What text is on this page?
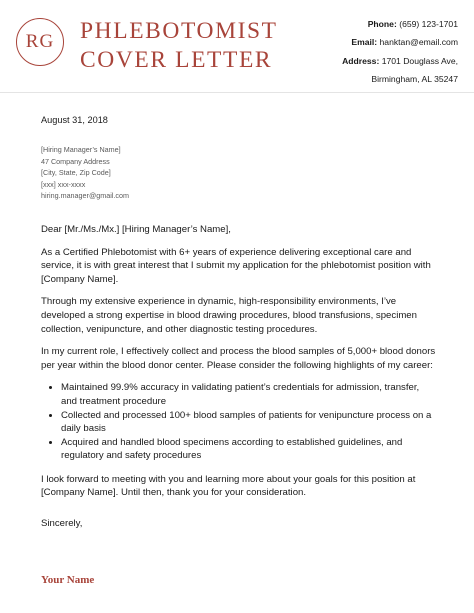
RG	PHLEBOTOMIST
COVER LETTER
Phone: (659) 123-1701
Email: hanktan@email.com
Address: 1701 Douglass Ave,
Birmingham, AL 35247
August 31, 2018
[Hiring Manager’s Name]
47 Company Address
[City, State, Zip Code]
[xxx] xxx-xxxx
hiring.manager@gmail.com
Dear [Mr./Ms./Mx.] [Hiring Manager’s Name],
As a Certified Phlebotomist with 6+ years of experience delivering exceptional care and service, it is with great interest that I submit my application for the phlebotomist position with [Company Name].
Through my extensive experience in dynamic, high-responsibility environments, I’ve developed a strong expertise in blood drawing procedures, blood transfusions, specimen collection, venipuncture, and other diagnostic testing procedures.
In my current role, I effectively collect and process the blood samples of 5,000+ blood donors per year within the blood donor center. Please consider the following highlights of my career:
• Maintained 99.9% accuracy in validating patient’s credentials for admission, transfer, and treatment procedure
• Collected and processed 100+ blood samples of patients for venipuncture process on a daily basis
• Acquired and handled blood specimens according to established guidelines, and regulatory and safety procedures
I look forward to meeting with you and learning more about your goals for this position at [Company Name]. Until then, thank you for your consideration.
Sincerely,
Your Name
